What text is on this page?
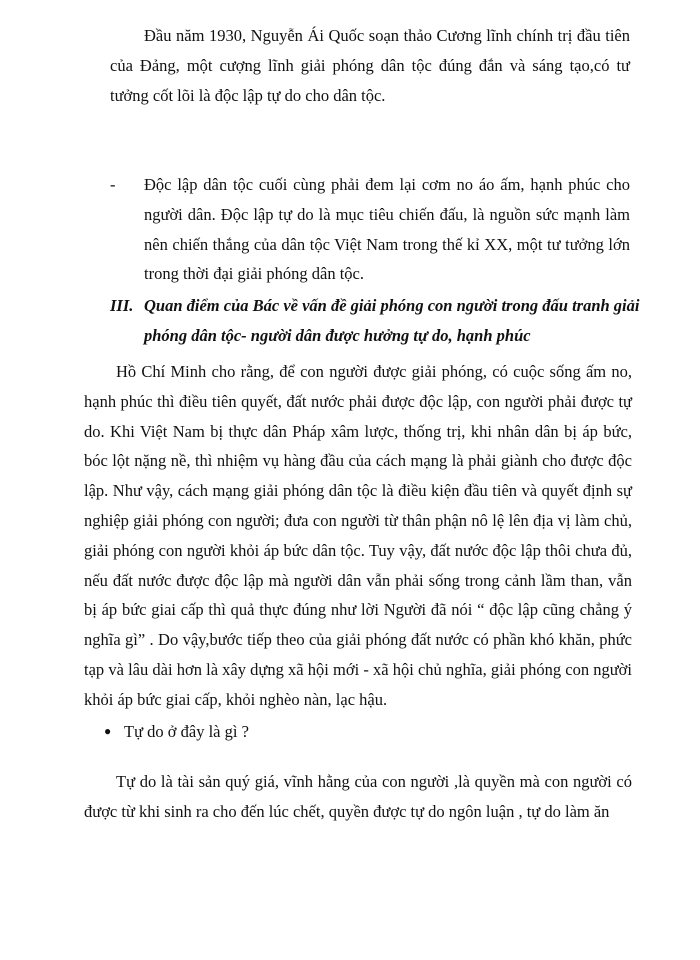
Đầu năm 1930, Nguyễn Ái Quốc soạn thảo Cương lĩnh chính trị đầu tiên của Đảng, một cượng lĩnh giải phóng dân tộc đúng đắn và sáng tạo,có tư tưởng cốt lõi là độc lập tự do cho dân tộc.

- Độc lập dân tộc cuối cùng phải đem lại cơm no áo ấm, hạnh phúc cho người dân. Độc lập tự do là mục tiêu chiến đấu, là nguồn sức mạnh làm nên chiến thắng của dân tộc Việt Nam trong thế kỉ XX, một tư tưởng lớn trong thời đại giải phóng dân tộc.
III. Quan điểm của Bác về vấn đề giải phóng con người trong đấu tranh giải phóng dân tộc- người dân được hưởng tự do, hạnh phúc

Hồ Chí Minh cho rằng, để con người được giải phóng, có cuộc sống ấm no, hạnh phúc thì điều tiên quyết, đất nước phải được độc lập, con người phải được tự do. Khi Việt Nam bị thực dân Pháp xâm lược, thống trị, khi nhân dân bị áp bức, bóc lột nặng nề, thì nhiệm vụ hàng đầu của cách mạng là phải giành cho được độc lập. Như vậy, cách mạng giải phóng dân tộc là điều kiện đầu tiên và quyết định sự nghiệp giải phóng con người; đưa con người từ thân phận nô lệ lên địa vị làm chủ, giải phóng con người khỏi áp bức dân tộc. Tuy vậy, đất nước độc lập thôi chưa đủ, nếu đất nước được độc lập mà người dân vẫn phải sống trong cảnh lầm than, vẫn bị áp bức giai cấp thì quả thực đúng như lời Người đã nói “ độc lập cũng chẳng ý nghĩa gì” . Do vậy,bước tiếp theo của giải phóng đất nước có phần khó khăn, phức tạp và lâu dài hơn là xây dựng xã hội mới - xã hội chủ nghĩa, giải phóng con người khỏi áp bức giai cấp, khỏi nghèo nàn, lạc hậu.

● Tự do ở đây là gì ?

Tự do là tài sản quý giá, vĩnh hằng của con người ,là quyền mà con người có được từ khi sinh ra cho đến lúc chết, quyền được tự do ngôn luận , tự do làm ăn
